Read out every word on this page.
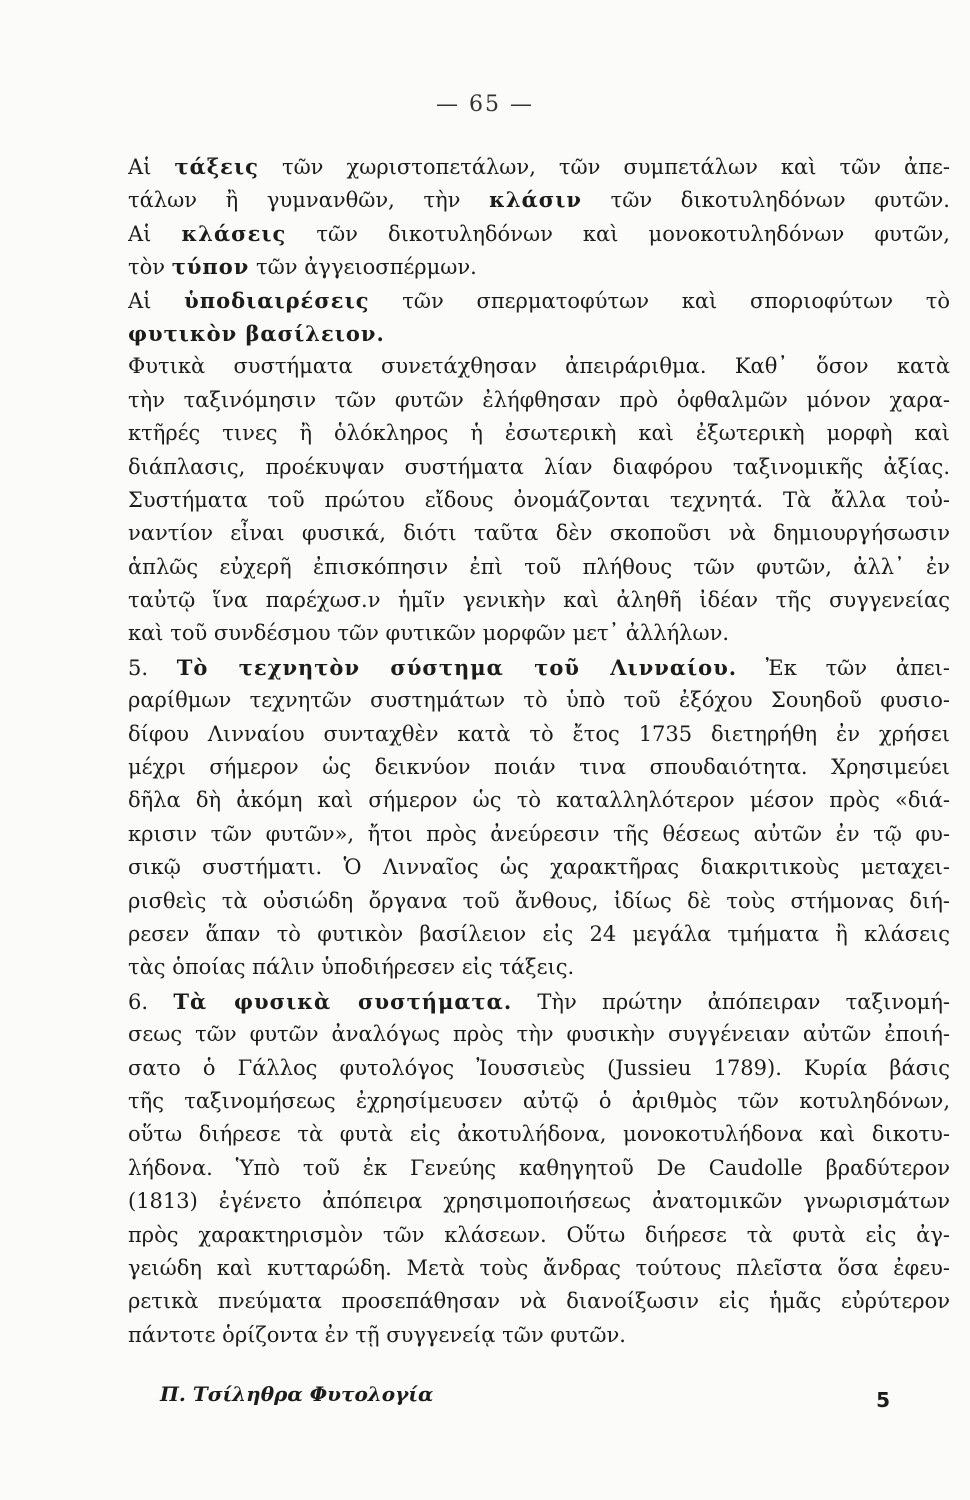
— 65 —
Αἱ τάξεις τῶν χωριστοπετάλων, τῶν συμπετάλων καὶ τῶν ἀπε-
τάλων ἢ γυμνανθῶν, τὴν κλάσιν τῶν δικοτυληδόνων φυτῶν.
Αἱ κλάσεις τῶν δικοτυληδόνων καὶ μονοκοτυληδόνων φυτῶν,
τὸν τύπον τῶν ἀγγειοσπέρμων.
Αἱ ὑποδιαιρέσεις τῶν σπερματοφύτων καὶ σποριοφύτων τὸ
φυτικὸν βασίλειον.
Φυτικὰ συστήματα συνετάχθησαν ἀπειράριθμα. Καθ᾿ ὅσον κατὰ
τὴν ταξινόμησιν τῶν φυτῶν ἐλήφθησαν πρὸ ὀφθαλμῶν μόνον χαρα-
κτῆρές τινες ἢ ὁλόκληρος ἡ ἐσωτερικὴ καὶ ἐξωτερικὴ μορφὴ καὶ
διάπλασις, προέκυψαν συστήματα λίαν διαφόρου ταξινομικῆς ἀξίας.
Συστήματα τοῦ πρώτου εἴδους ὀνομάζονται τεχνητά. Τὰ ἄλλα τοὐ-
ναντίον εἶναι φυσικά, διότι ταῦτα δὲν σκοποῦσι νὰ δημιουργήσωσιν
ἁπλῶς εὐχερῆ ἐπισκόπησιν ἐπὶ τοῦ πλήθους τῶν φυτῶν, ἀλλ᾿ ἐν
ταὐτῷ ἵνα παρέχωσ.ν ἡμῖν γενικὴν καὶ ἀληθῆ ἰδέαν τῆς συγγενείας
καὶ τοῦ συνδέσμου τῶν φυτικῶν μορφῶν μετ᾿ ἀλλήλων.
5. Τὸ τεχνητὸν σύστημα τοῦ Λινναίου. Ἐκ τῶν ἀπει-
ραρίθμων τεχνητῶν συστημάτων τὸ ὑπὸ τοῦ ἐξόχου Σουηδοῦ φυσιο-
δίφου Λινναίου συνταχθὲν κατὰ τὸ ἔτος 1735 διετηρήθη ἐν χρήσει
μέχρι σήμερον ὡς δεικνύον ποιάν τινα σπουδαιότητα. Χρησιμεύει
δῆλα δὴ ἀκόμη καὶ σήμερον ὡς τὸ καταλληλότερον μέσον πρὸς «διά-
κρισιν τῶν φυτῶν», ἤτοι πρὸς ἀνεύρεσιν τῆς θέσεως αὐτῶν ἐν τῷ φυ-
σικῷ συστήματι. Ὁ Λινναῖος ὡς χαρακτῆρας διακριτικοὺς μεταχει-
ρισθεὶς τὰ οὐσιώδη ὄργανα τοῦ ἄνθους, ἰδίως δὲ τοὺς στήμονας διή-
ρεσεν ἅπαν τὸ φυτικὸν βασίλειον εἰς 24 μεγάλα τμήματα ἢ κλάσεις
τὰς ὁποίας πάλιν ὑποδιήρεσεν εἰς τάξεις.
6. Τὰ φυσικὰ συστήματα. Τὴν πρώτην ἀπόπειραν ταξινομή-
σεως τῶν φυτῶν ἀναλόγως πρὸς τὴν φυσικὴν συγγένειαν αὐτῶν ἐποιή-
σατο ὁ Γάλλος φυτολόγος Ἰουσσιεὺς (Jussieu 1789). Κυρία βάσις
τῆς ταξινομήσεως ἐχρησίμευσεν αὐτῷ ὁ ἀριθμὸς τῶν κοτυληδόνων,
οὕτω διήρεσε τὰ φυτὰ εἰς ἀκοτυλήδονα, μονοκοτυλήδονα καὶ δικοτυ-
λήδονα. Ὑπὸ τοῦ ἐκ Γενεύης καθηγητοῦ De Caudolle βραδύτερον
(1813) ἐγένετο ἀπόπειρα χρησιμοποιήσεως ἀνατομικῶν γνωρισμάτων
πρὸς χαρακτηρισμὸν τῶν κλάσεων. Οὕτω διήρεσε τὰ φυτὰ εἰς ἀγ-
γειώδη καὶ κυτταρώδη. Μετὰ τοὺς ἄνδρας τούτους πλεῖστα ὅσα ἐφευ-
ρετικὰ πνεύματα προσεπάθησαν νὰ διανοίξωσιν εἰς ἡμᾶς εὐρύτερον
πάντοτε ὁρίζοντα ἐν τῇ συγγενείᾳ τῶν φυτῶν.
Π. Τσίληθρα Φυτολογία	5
